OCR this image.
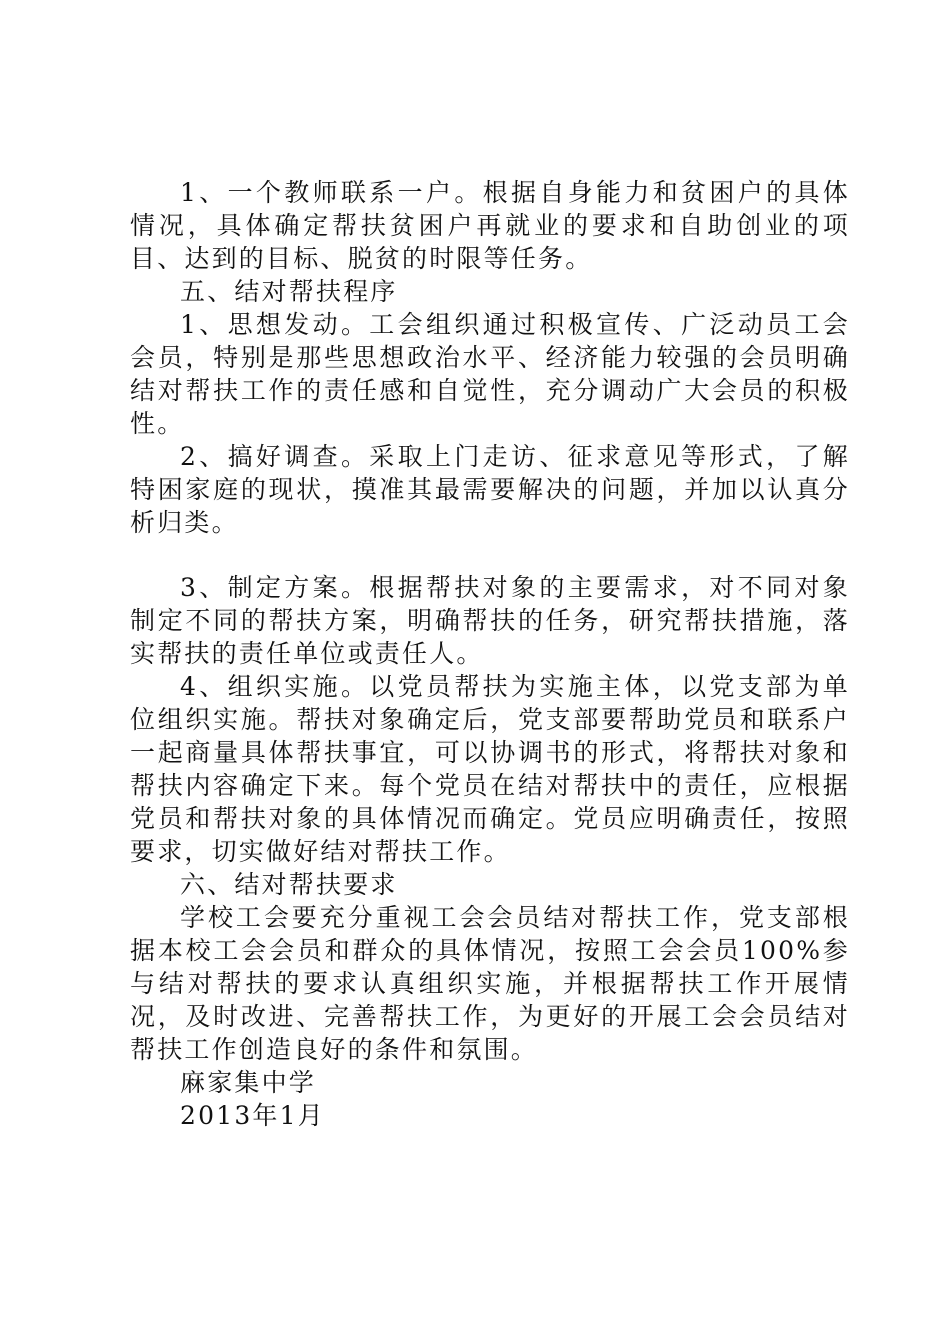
1、一个教师联系一户。根据自身能力和贫困户的具体情况，具体确定帮扶贫困户再就业的要求和自助创业的项目、达到的目标、脱贫的时限等任务。

五、结对帮扶程序

1、思想发动。工会组织通过积极宣传、广泛动员工会会员，特别是那些思想政治水平、经济能力较强的会员明确结对帮扶工作的责任感和自觉性，充分调动广大会员的积极性。

2、搞好调查。采取上门走访、征求意见等形式，了解特困家庭的现状，摸准其最需要解决的问题，并加以认真分析归类。

3、制定方案。根据帮扶对象的主要需求，对不同对象制定不同的帮扶方案，明确帮扶的任务，研究帮扶措施，落实帮扶的责任单位或责任人。

4、组织实施。以党员帮扶为实施主体，以党支部为单位组织实施。帮扶对象确定后，党支部要帮助党员和联系户一起商量具体帮扶事宜，可以协调书的形式，将帮扶对象和帮扶内容确定下来。每个党员在结对帮扶中的责任，应根据党员和帮扶对象的具体情况而确定。党员应明确责任，按照要求，切实做好结对帮扶工作。

六、结对帮扶要求

学校工会要充分重视工会会员结对帮扶工作，党支部根据本校工会会员和群众的具体情况，按照工会会员100%参与结对帮扶的要求认真组织实施，并根据帮扶工作开展情况，及时改进、完善帮扶工作，为更好的开展工会会员结对帮扶工作创造良好的条件和氛围。

麻家集中学

2013年1月
